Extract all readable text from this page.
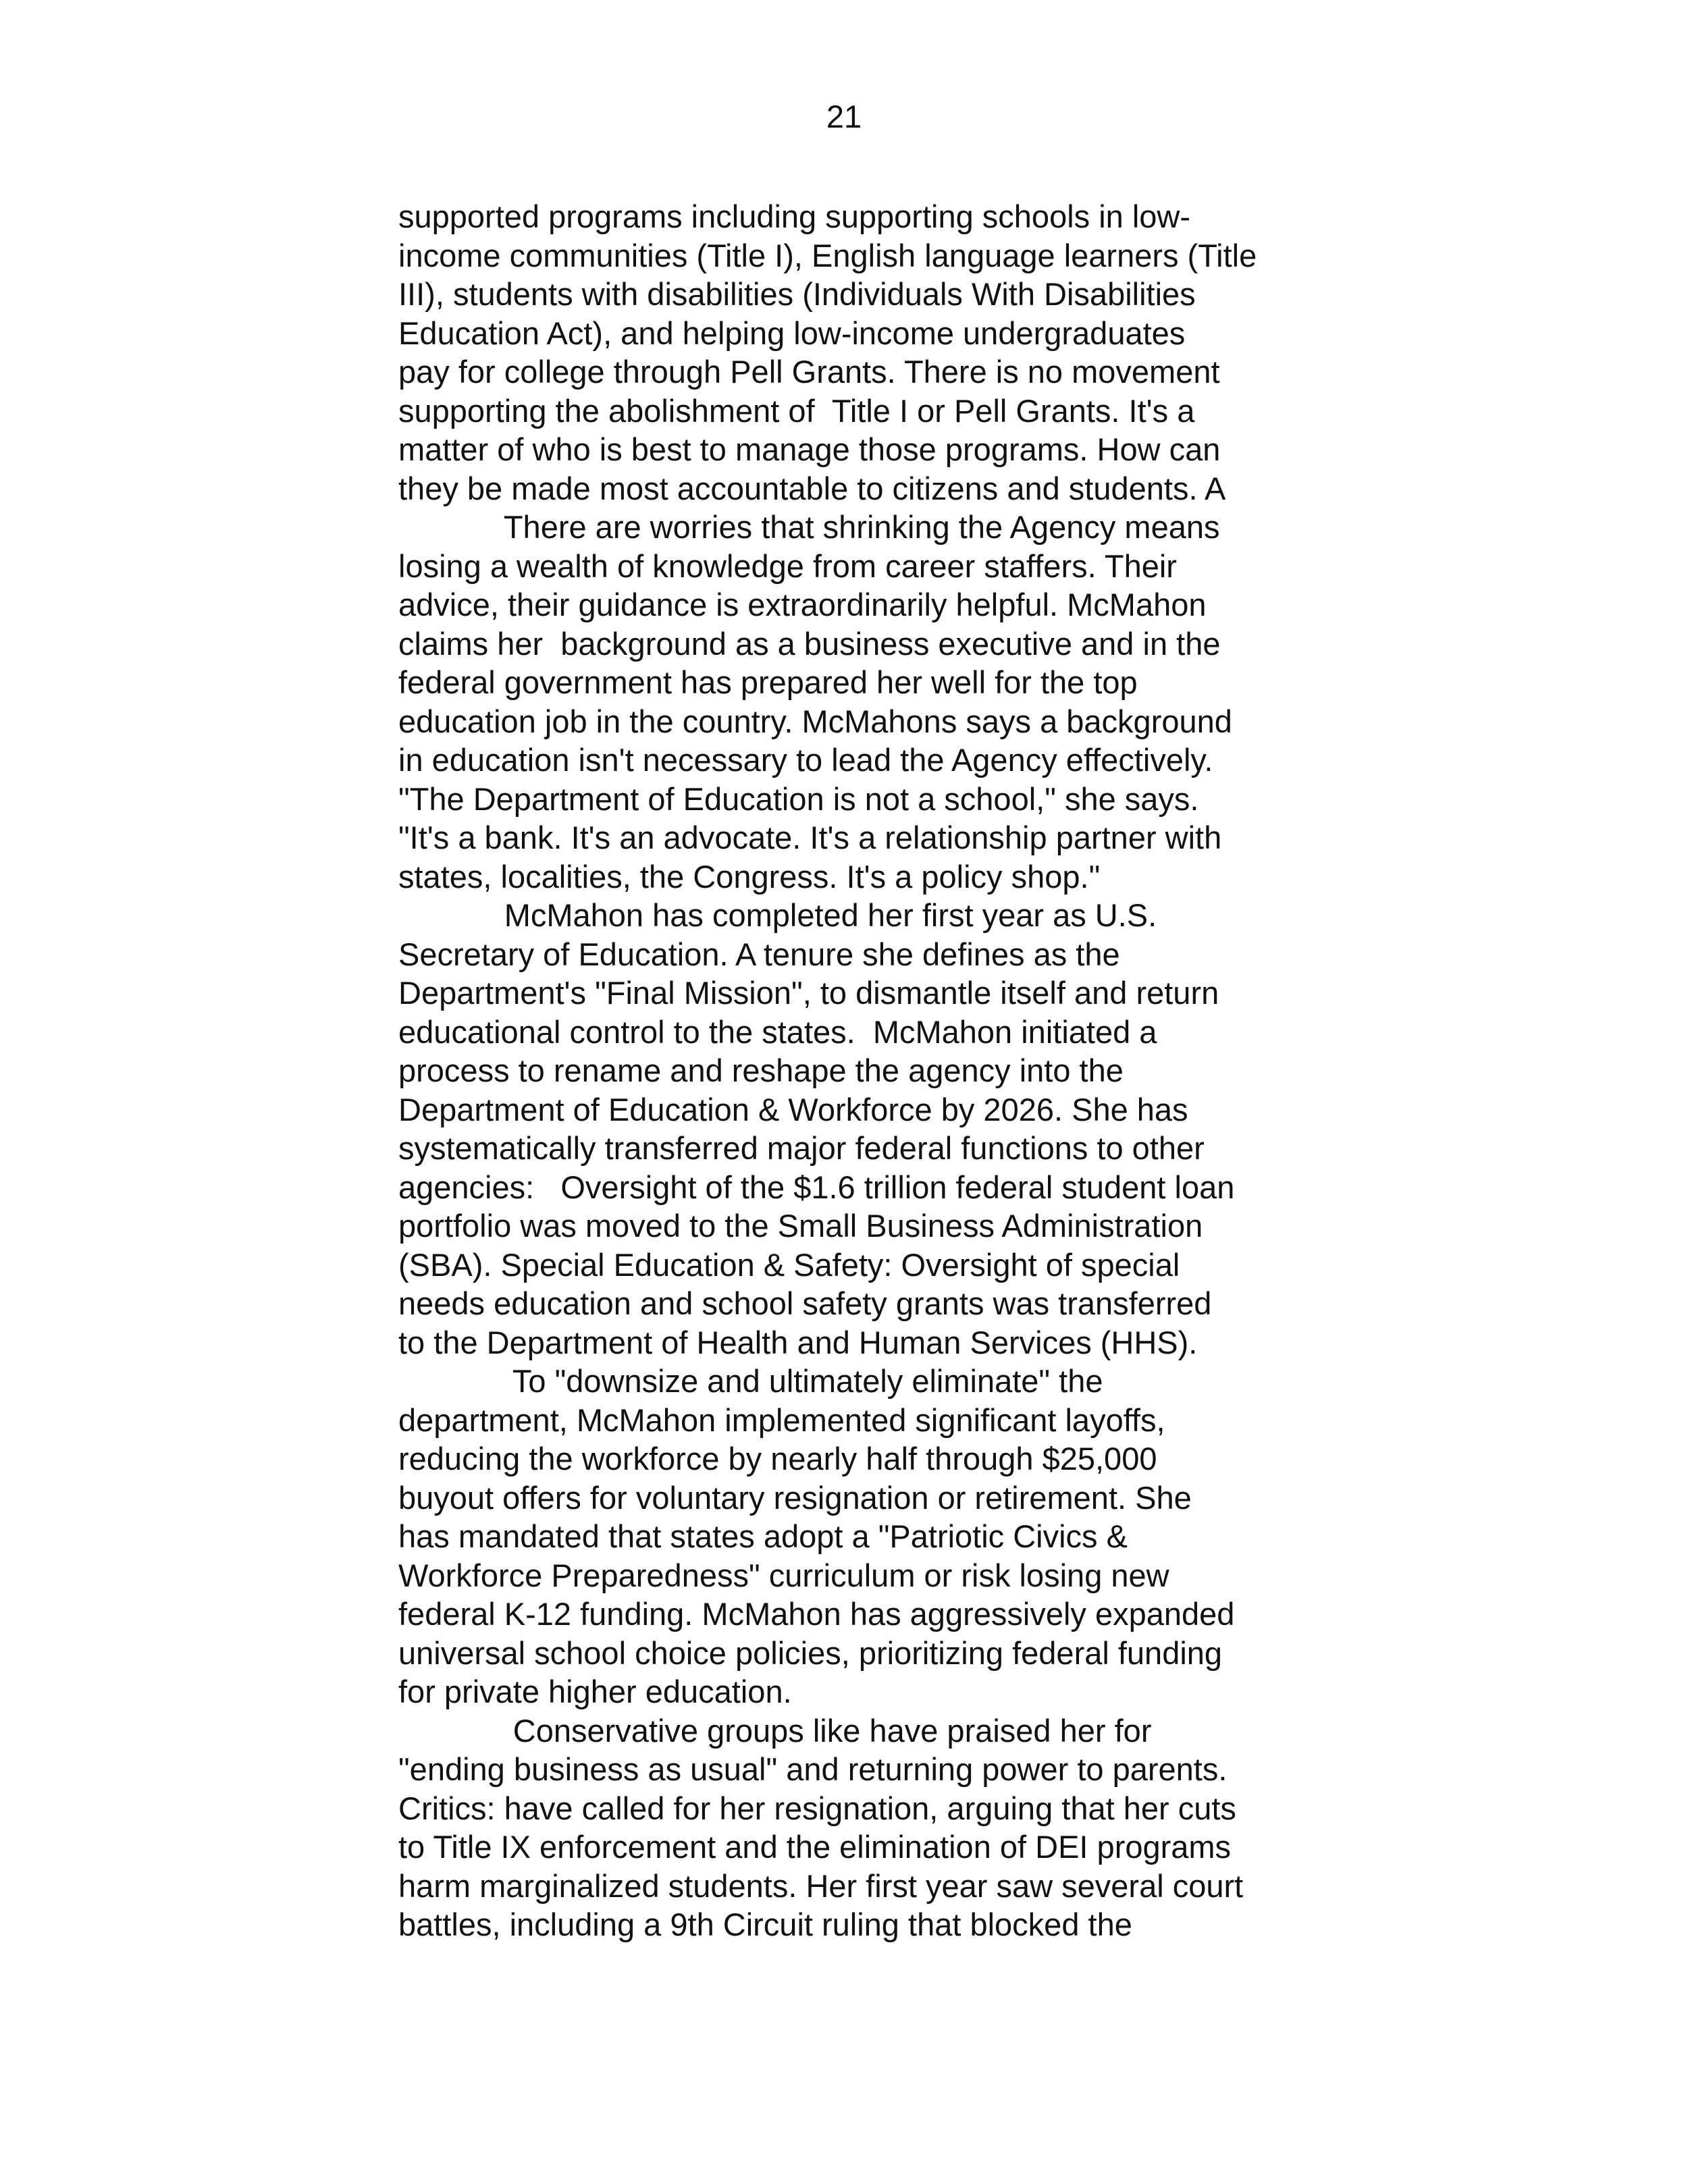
21
supported programs including supporting schools in low-
income communities (Title I), English language learners (Title
III), students with disabilities (Individuals With Disabilities
Education Act), and helping low-income undergraduates
pay for college through Pell Grants. There is no movement
supporting the abolishment of  Title I or Pell Grants. It's a
matter of who is best to manage those programs. How can
they be made most accountable to citizens and students. A
There are worries that shrinking the Agency means
losing a wealth of knowledge from career staffers. Their
advice, their guidance is extraordinarily helpful. McMahon
claims her  background as a business executive and in the
federal government has prepared her well for the top
education job in the country. McMahons says a background
in education isn't necessary to lead the Agency effectively.
"The Department of Education is not a school," she says.
"It's a bank. It's an advocate. It's a relationship partner with
states, localities, the Congress. It's a policy shop."
McMahon has completed her first year as U.S.
Secretary of Education. A tenure she defines as the
Department's "Final Mission", to dismantle itself and return
educational control to the states.  McMahon initiated a
process to rename and reshape the agency into the
Department of Education & Workforce by 2026. She has
systematically transferred major federal functions to other
agencies:   Oversight of the $1.6 trillion federal student loan
portfolio was moved to the Small Business Administration
(SBA). Special Education & Safety: Oversight of special
needs education and school safety grants was transferred
to the Department of Health and Human Services (HHS).
To "downsize and ultimately eliminate" the
department, McMahon implemented significant layoffs,
reducing the workforce by nearly half through $25,000
buyout offers for voluntary resignation or retirement. She
has mandated that states adopt a "Patriotic Civics &
Workforce Preparedness" curriculum or risk losing new
federal K-12 funding. McMahon has aggressively expanded
universal school choice policies, prioritizing federal funding
for private higher education.
Conservative groups like have praised her for
"ending business as usual" and returning power to parents.
Critics: have called for her resignation, arguing that her cuts
to Title IX enforcement and the elimination of DEI programs
harm marginalized students. Her first year saw several court
battles, including a 9th Circuit ruling that blocked the
